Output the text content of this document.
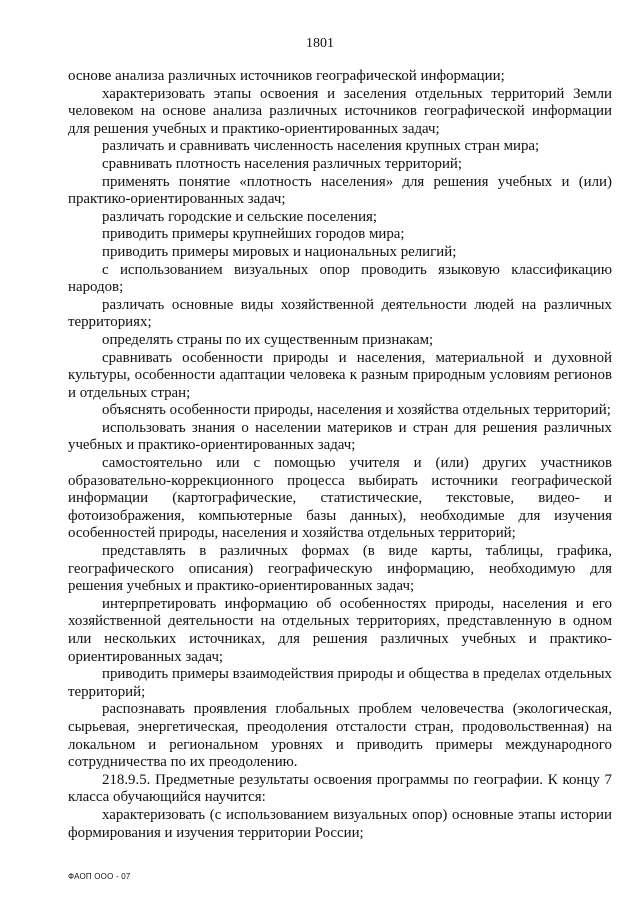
1801

основе анализа различных источников географической информации;

характеризовать этапы освоения и заселения отдельных территорий Земли человеком на основе анализа различных источников географической информации для решения учебных и практико-ориентированных задач;

различать и сравнивать численность населения крупных стран мира;

сравнивать плотность населения различных территорий;

применять понятие «плотность населения» для решения учебных и (или) практико-ориентированных задач;

различать городские и сельские поселения;

приводить примеры крупнейших городов мира;

приводить примеры мировых и национальных религий;

с использованием визуальных опор проводить языковую классификацию народов;

различать основные виды хозяйственной деятельности людей на различных территориях;

определять страны по их существенным признакам;

сравнивать особенности природы и населения, материальной и духовной культуры, особенности адаптации человека к разным природным условиям регионов и отдельных стран;

объяснять особенности природы, населения и хозяйства отдельных территорий;

использовать знания о населении материков и стран для решения различных учебных и практико-ориентированных задач;

самостоятельно или с помощью учителя и (или) других участников образовательно-коррекционного процесса выбирать источники географической информации (картографические, статистические, текстовые, видео- и фотоизображения, компьютерные базы данных), необходимые для изучения особенностей природы, населения и хозяйства отдельных территорий;

представлять в различных формах (в виде карты, таблицы, графика, географического описания) географическую информацию, необходимую для решения учебных и практико-ориентированных задач;

интерпретировать информацию об особенностях природы, населения и его хозяйственной деятельности на отдельных территориях, представленную в одном или нескольких источниках, для решения различных учебных и практико-ориентированных задач;

приводить примеры взаимодействия природы и общества в пределах отдельных территорий;

распознавать проявления глобальных проблем человечества (экологическая, сырьевая, энергетическая, преодоления отсталости стран, продовольственная) на локальном и региональном уровнях и приводить примеры международного сотрудничества по их преодолению.

218.9.5. Предметные результаты освоения программы по географии. К концу 7 класса обучающийся научится:

характеризовать (с использованием визуальных опор) основные этапы истории формирования и изучения территории России;

ФАОП ООО - 07
